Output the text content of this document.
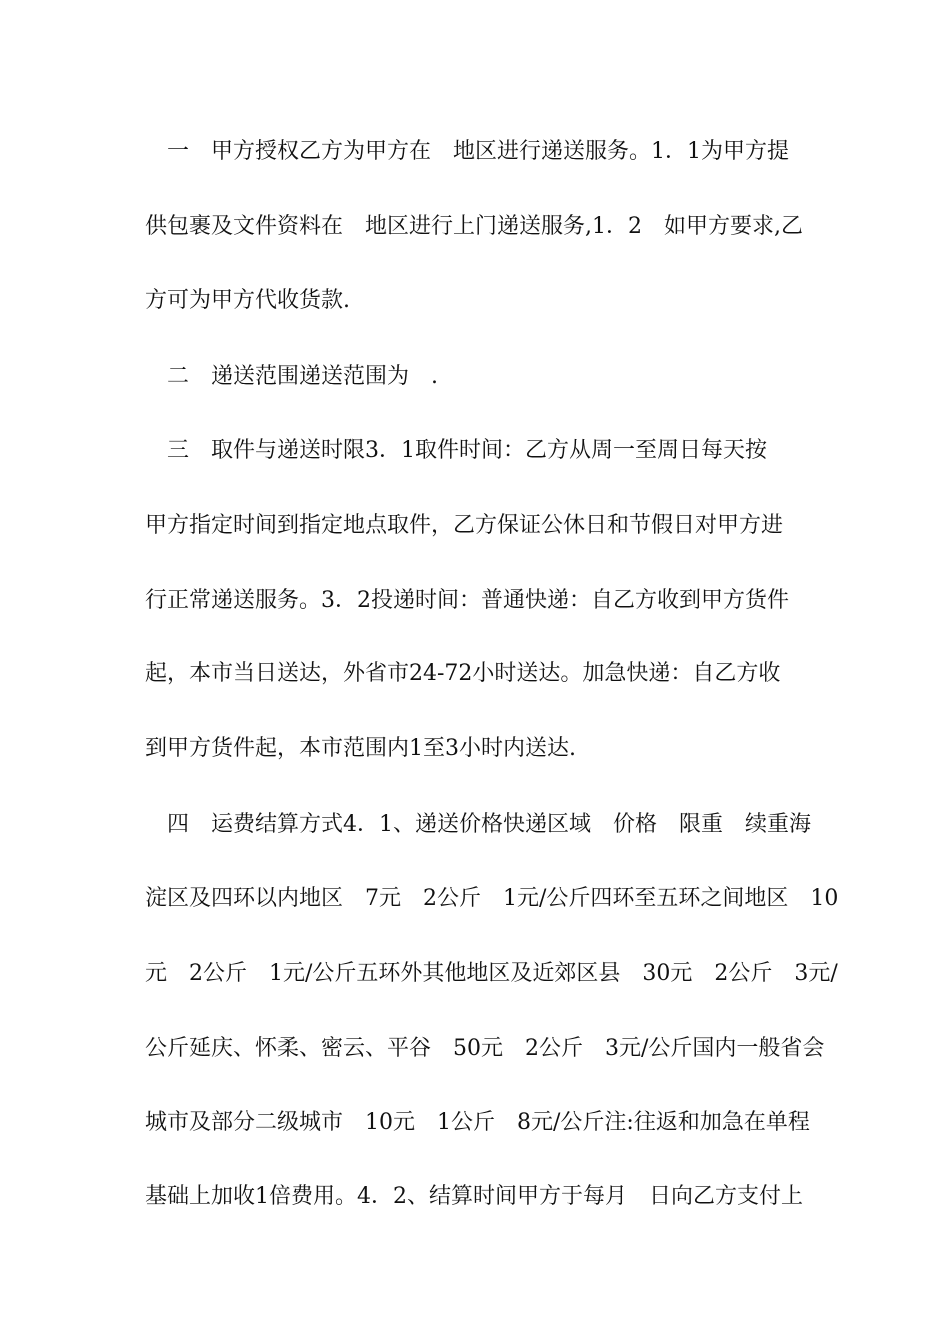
　一　甲方授权乙方为甲方在　地区进行递送服务。1．1为甲方提
供包裹及文件资料在　地区进行上门递送服务,1．2　如甲方要求,乙
方可为甲方代收货款.
　二　递送范围递送范围为　.
　三　取件与递送时限3．1取件时间：乙方从周一至周日每天按
甲方指定时间到指定地点取件，乙方保证公休日和节假日对甲方进
行正常递送服务。3．2投递时间：普通快递：自乙方收到甲方货件
起，本市当日送达，外省市24-72小时送达。加急快递：自乙方收
到甲方货件起，本市范围内1至3小时内送达.
　四　运费结算方式4．1、递送价格快递区域　价格　限重　续重海
淀区及四环以内地区　7元　2公斤　1元/公斤四环至五环之间地区　10
元　2公斤　1元/公斤五环外其他地区及近郊区县　30元　2公斤　3元/
公斤延庆、怀柔、密云、平谷　50元　2公斤　3元/公斤国内一般省会
城市及部分二级城市　10元　1公斤　8元/公斤注:往返和加急在单程
基础上加收1倍费用。4．2、结算时间甲方于每月　日向乙方支付上
